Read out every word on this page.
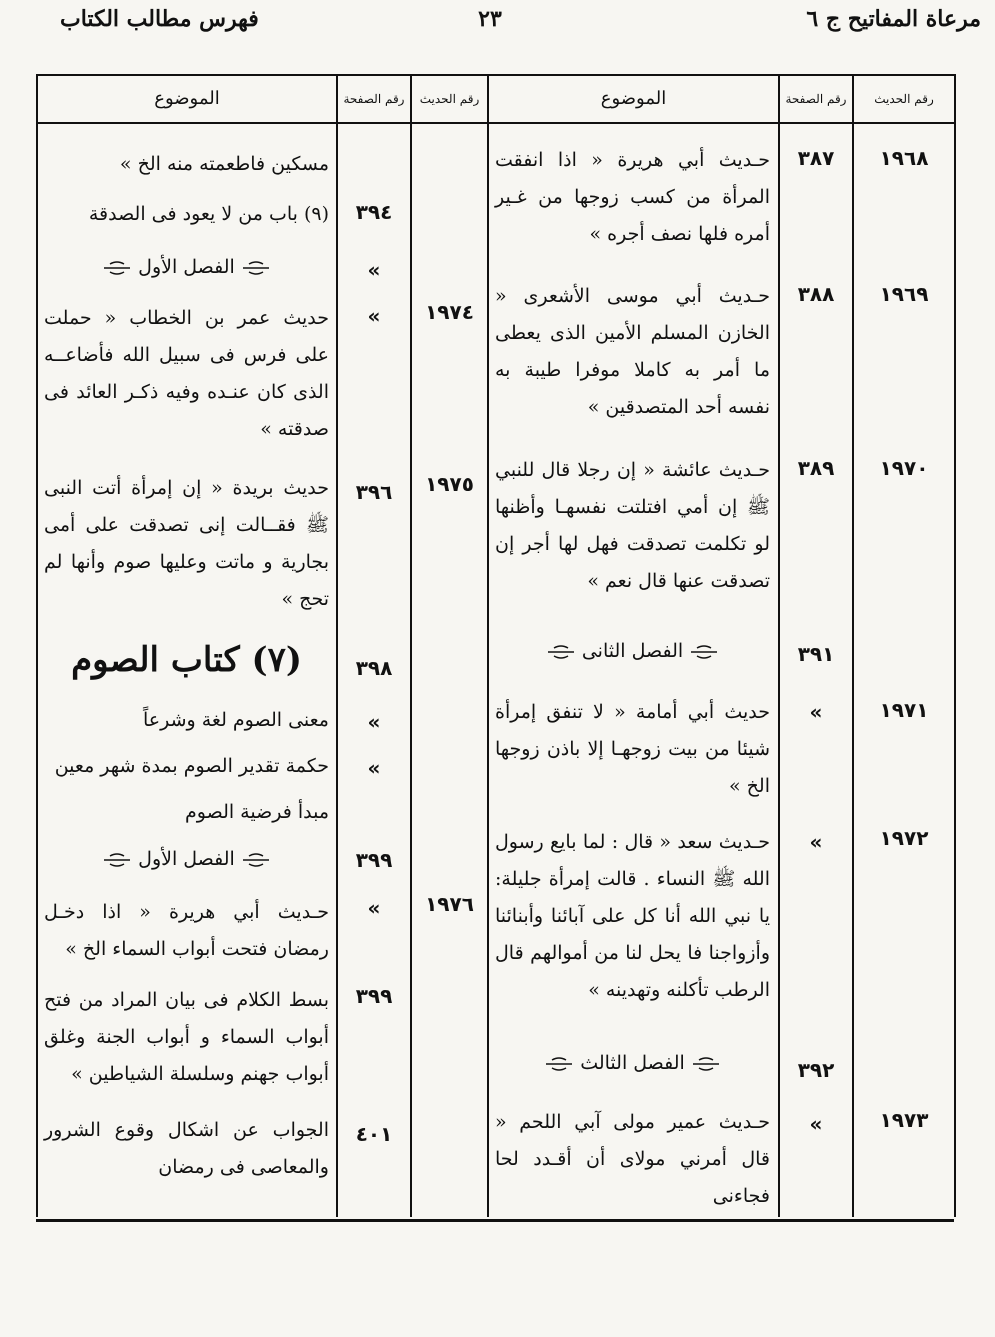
مرعاة المفاتيح ج ٦
٢٣
فهرس مطالب الكتاب
رقم الحديث
رقم الصفحة
الموضوع
رقم الحديث
رقم الصفحة
الموضوع
١٩٦٨
٣٨٧
حـديث أبي هريرة « اذا انفقت المرأة من كسب زوجها من غـير أمره فلها نصف أجره »
١٩٦٩
٣٨٨
حـديث أبي موسى الأشعرى « الخازن المسلم الأمين الذى يعطى ما أمر به كاملا موفرا طيبة به نفسه أحد المتصدقين »
١٩٧٠
٣٨٩
حـديث عائشة « إن رجلا قال للنبي ﷺ إن أمي افتلتت نفسهـا وأظنها لو تكلمت تصدقت فهل لها أجر إن تصدقت عنها قال نعم »
٣٩١
الفصل الثانى
١٩٧١
»
حديث أبي أمامة « لا تنفق إمرأة شيئا من بيت زوجهـا إلا باذن زوجها الخ »
١٩٧٢
»
حـديث سعد « قال : لما بايع رسول الله ﷺ النساء . قالت إمرأة جليلة: يا نبي الله أنا كل على آبائنا وأبنائنا وأزواجنا فا يحل لنا من أموالهم قال الرطب تأكلنه وتهدينه »
٣٩٢
الفصل الثالث
١٩٧٣
»
حـديث عمير مولى آبي اللحم « قال أمرني مولاى أن أقـدد لحا فجاءنى
مسكين فاطعمته منه الخ »
٣٩٤
(٩) باب من لا يعود فى الصدقة
»
الفصل الأول
١٩٧٤
»
حديث عمر بن الخطاب « حملت على فرس فى سبيل الله فأضاعــه الذى كان عنـده وفيه ذكـر العائد فى صدقته »
١٩٧٥
٣٩٦
حديث بريدة « إن إمرأة أتت النبى ﷺ فقــالت إنى تصدقت على أمى بجارية و ماتت وعليها صوم وأنها لم تحج »
٣٩٨
(٧) كتاب الصوم
»
معنى الصوم لغة وشرعاً
»
حكمة تقدير الصوم بمدة شهر معين
مبدأ فرضية الصوم
٣٩٩
الفصل الأول
١٩٧٦
»
حـديث أبي هريرة « اذا دخـل رمضان فتحت أبواب السماء الخ »
٣٩٩
بسط الكلام فى بيان المراد من فتح أبواب السماء و أبواب الجنة وغلق أبواب جهنم وسلسلة الشياطين »
٤٠١
الجواب عن اشكال وقوع الشرور والمعاصى فى رمضان
